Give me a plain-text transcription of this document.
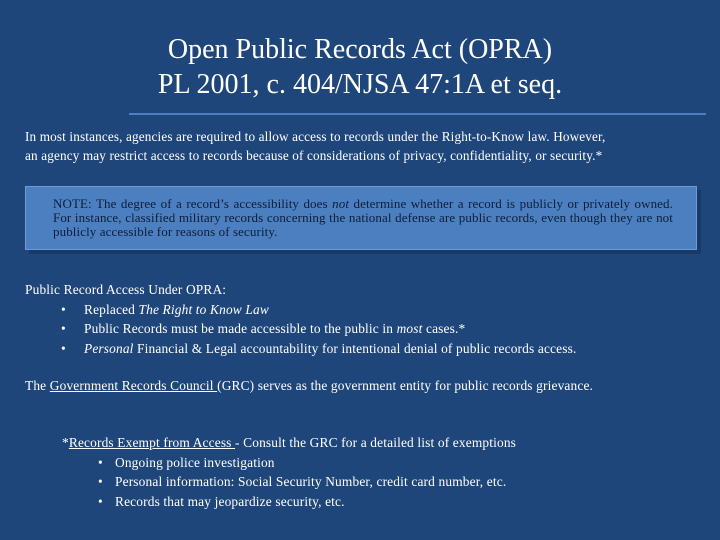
Open Public Records Act (OPRA)
PL 2001, c. 404/NJSA 47:1A et seq.
In most instances, agencies are required to allow access to records under the Right-to-Know law. However, an agency may restrict access to records because of considerations of privacy, confidentiality, or security.*
NOTE: The degree of a record’s accessibility does not determine whether a record is publicly or privately owned. For instance, classified military records concerning the national defense are public records, even though they are not publicly accessible for reasons of security.
Public Record Access Under OPRA:
• Replaced The Right to Know Law
• Public Records must be made accessible to the public in most cases.*
• Personal Financial & Legal accountability for intentional denial of public records access.
The Government Records Council (GRC) serves as the government entity for public records grievance.
*Records Exempt from Access - Consult the GRC for a detailed list of exemptions
• Ongoing police investigation
• Personal information: Social Security Number, credit card number, etc.
• Records that may jeopardize security, etc.
